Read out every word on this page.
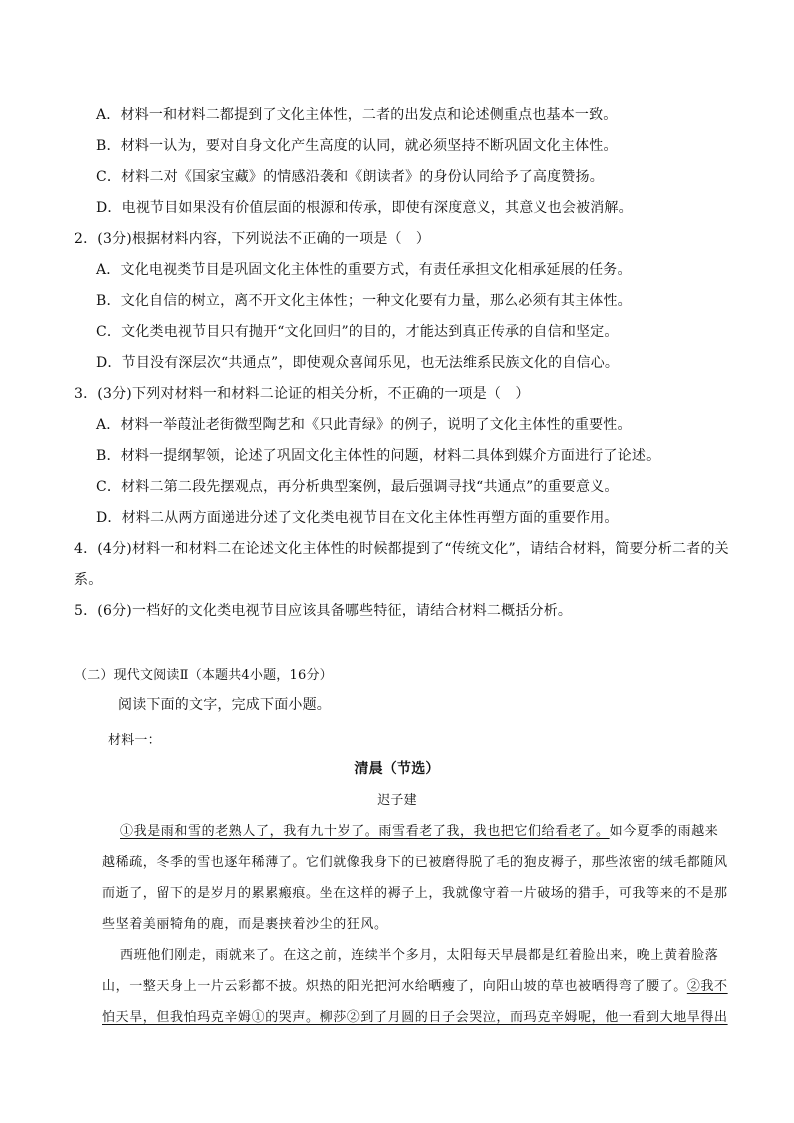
A．材料一和材料二都提到了文化主体性，二者的出发点和论述侧重点也基本一致。
B．材料一认为，要对自身文化产生高度的认同，就必须坚持不断巩固文化主体性。
C．材料二对《国家宝藏》的情感沿袭和《朗读者》的身份认同给予了高度赞扬。
D．电视节目如果没有价值层面的根源和传承，即使有深度意义，其意义也会被消解。
2．(3分)根据材料内容，下列说法不正确的一项是（　）
A．文化电视类节目是巩固文化主体性的重要方式，有责任承担文化相承延展的任务。
B．文化自信的树立，离不开文化主体性；一种文化要有力量，那么必须有其主体性。
C．文化类电视节目只有抛开“文化回归”的目的，才能达到真正传承的自信和坚定。
D．节目没有深层次“共通点”，即使观众喜闻乐见，也无法维系民族文化的自信心。
3．(3分)下列对材料一和材料二论证的相关分析，不正确的一项是（　）
A．材料一举葭沚老街微型陶艺和《只此青绿》的例子，说明了文化主体性的重要性。
B．材料一提纲挈领，论述了巩固文化主体性的问题，材料二具体到媒介方面进行了论述。
C．材料二第二段先摆观点，再分析典型案例，最后强调寻找“共通点”的重要意义。
D．材料二从两方面递进分述了文化类电视节目在文化主体性再塑方面的重要作用。
4．(4分)材料一和材料二在论述文化主体性的时候都提到了“传统文化”，请结合材料，简要分析二者的关
系。
5．(6分)一档好的文化类电视节目应该具备哪些特征，请结合材料二概括分析。
（二）现代文阅读Ⅱ（本题共4小题，16分）
阅读下面的文字，完成下面小题。
材料一：
清晨（节选）
迟子建
①我是雨和雪的老熟人了，我有九十岁了。雨雪看老了我，我也把它们给看老了。如今夏季的雨越来
越稀疏，冬季的雪也逐年稀薄了。它们就像我身下的已被磨得脱了毛的狍皮褥子，那些浓密的绒毛都随风
而逝了，留下的是岁月的累累瘢痕。坐在这样的褥子上，我就像守着一片破场的猎手，可我等来的不是那
些坚着美丽犄角的鹿，而是裹挟着沙尘的狂风。
西班他们刚走，雨就来了。在这之前，连续半个多月，太阳每天早晨都是红着脸出来，晚上黄着脸落
山，一整天身上一片云彩都不披。炽热的阳光把河水给晒瘦了，向阳山坡的草也被晒得弯了腰了。②我不
怕天旱，但我怕玛克辛姆①的哭声。柳莎②到了月圆的日子会哭泣，而玛克辛姆呢，他一看到大地旱得出
